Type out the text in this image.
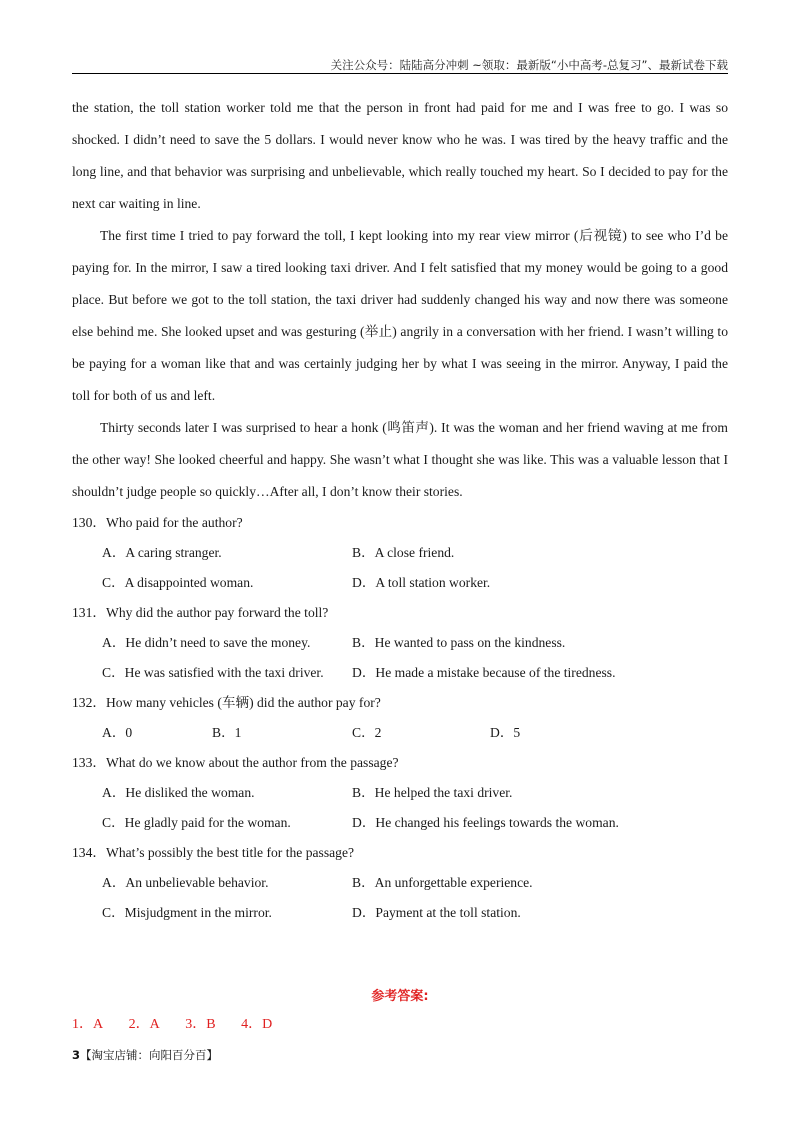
关注公众号：陆陆高分冲刺 ~领取：最新版“小中高考-总复习”、最新试卷下载

the station, the toll station worker told me that the person in front had paid for me and I was free to go. I was so shocked. I didn’t need to save the 5 dollars. I would never know who he was. I was tired by the heavy traffic and the long line, and that behavior was surprising and unbelievable, which really touched my heart. So I decided to pay for the next car waiting in line.

The first time I tried to pay forward the toll, I kept looking into my rear view mirror (后视镜) to see who I’d be paying for. In the mirror, I saw a tired looking taxi driver. And I felt satisfied that my money would be going to a good place. But before we got to the toll station, the taxi driver had suddenly changed his way and now there was someone else behind me. She looked upset and was gesturing (举止) angrily in a conversation with her friend. I wasn’t willing to be paying for a woman like that and was certainly judging her by what I was seeing in the mirror. Anyway, I paid the toll for both of us and left.

Thirty seconds later I was surprised to hear a honk (鸣笛声). It was the woman and her friend waving at me from the other way! She looked cheerful and happy. She wasn’t what I thought she was like. This was a valuable lesson that I shouldn’t judge people so quickly…After all, I don’t know their stories.

130．Who paid for the author?
A．A caring stranger.	B．A close friend.
C．A disappointed woman.	D．A toll station worker.
131．Why did the author pay forward the toll?
A．He didn’t need to save the money.	B．He wanted to pass on the kindness.
C．He was satisfied with the taxi driver. D．He made a mistake because of the tiredness.
132．How many vehicles (车辆) did the author pay for?
A．0	B．1	C．2	D．5
133．What do we know about the author from the passage?
A．He disliked the woman.	B．He helped the taxi driver.
C．He gladly paid for the woman.	D．He changed his feelings towards the woman.
134．What’s possibly the best title for the passage?
A．An unbelievable behavior.	B．An unforgettable experience.
C．Misjudgment in the mirror.	D．Payment at the toll station.
参考答案:
1．A 2．A 3．B 4．D
3【淘宝店铺：向阳百分百】
